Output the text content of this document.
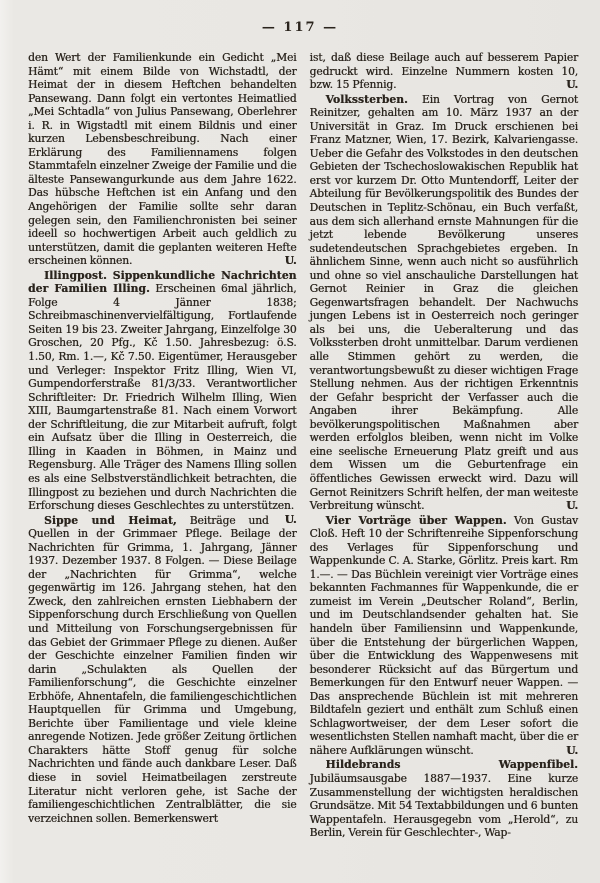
— 117 —

den Wert der Familienkunde ein Gedicht „Mei Hämt“ mit einem Bilde von Wichstadtl, der Heimat der in diesem Heftchen behandelten Pansewang. Dann folgt ein vertontes Heimatlied „Mei Schtadla“ von Julius Pansewang, Oberlehrer i. R. in Wigstadtl mit einem Bildnis und einer kurzen Lebensbeschreibung. Nach einer Erklärung des Familiennamens folgen Stammtafeln einzelner Zweige der Familie und die älteste Pansewangurkunde aus dem Jahre 1622. Das hübsche Heftchen ist ein Anfang und den Angehörigen der Familie sollte sehr daran gelegen sein, den Familienchronisten bei seiner ideell so hochwertigen Arbeit auch geldlich zu unterstützen, damit die geplanten weiteren Hefte erscheinen können.	U.

Illingpost. Sippenkundliche Nachrichten der Familien Illing. Erscheinen 6mal jährlich, Folge 4 Jänner 1838; Schreibmaschinenvervielfältigung, Fortlaufende Seiten 19 bis 23. Zweiter Jahrgang, Einzelfolge 30 Groschen, 20 Pfg., Kč 1.50. Jahresbezug: ö.S. 1.50, Rm. 1.—, Kč 7.50. Eigentümer, Herausgeber und Verleger: Inspektor Fritz Illing, Wien VI, Gumpendorferstraße 81/3/33. Verantwortlicher Schriftleiter: Dr. Friedrich Wilhelm Illing, Wien XIII, Baumgartenstraße 81. Nach einem Vorwort der Schriftleitung, die zur Mitarbeit aufruft, folgt ein Aufsatz über die Illing in Oesterreich, die Illing in Kaaden in Böhmen, in Mainz und Regensburg. Alle Träger des Namens Illing sollen es als eine Selbstverständlichkeit betrachten, die Illingpost zu beziehen und durch Nachrichten die Erforschung dieses Geschlechtes zu unterstützen.
U.

Sippe und Heimat, Beiträge und Quellen in der Grimmaer Pflege. Beilage der Nachrichten für Grimma, 1. Jahrgang, Jänner 1937. Dezember 1937. 8 Folgen. — Diese Beilage der „Nachrichten für Grimma“, welche gegenwärtig im 126. Jahrgang stehen, hat den Zweck, den zahlreichen ernsten Liebhabern der Sippenforschung durch Erschließung von Quellen und Mitteilung von Forschungsergebnissen für das Gebiet der Grimmaer Pflege zu dienen. Außer der Geschichte einzelner Familien finden wir darin „Schulakten als Quellen der Familienforschung“, die Geschichte einzelner Erbhöfe, Ahnentafeln, die familiengeschichtlichen Hauptquellen für Grimma und Umgebung, Berichte über Familientage und viele kleine anregende Notizen. Jede größer Zeitung örtlichen Charakters hätte Stoff genug für solche Nachrichten und fände auch dankbare Leser. Daß diese in soviel Heimatbeilagen zerstreute Literatur nicht verloren gehe, ist Sache der familiengeschichtlichen Zentralblätter, die sie verzeichnen sollen. Bemerkenswert

ist, daß diese Beilage auch auf besserem Papier gedruckt wird. Einzelne Nummern kosten 10, bzw. 15 Pfennig.	U.

Volkssterben. Ein Vortrag von Gernot Reinitzer, gehalten am 10. März 1937 an der Universität in Graz. Im Druck erschienen bei Franz Matzner, Wien, 17. Bezirk, Kalvariengasse. Ueber die Gefahr des Volkstodes in den deutschen Gebieten der Tschechoslowakischen Republik hat erst vor kurzem Dr. Otto Muntendorff, Leiter der Abteilung für Bevölkerungspolitik des Bundes der Deutschen in Teplitz-Schönau, ein Buch verfaßt, aus dem sich allerhand ernste Mahnungen für die jetzt lebende Bevölkerung unseres sudetendeutschen Sprachgebietes ergeben. In ähnlichem Sinne, wenn auch nicht so ausführlich und ohne so viel anschauliche Darstellungen hat Gernot Reinier in Graz die gleichen Gegenwartsfragen behandelt. Der Nachwuchs jungen Lebens ist in Oesterreich noch geringer als bei uns, die Ueberalterung und das Volkssterben droht unmittelbar. Darum verdienen alle Stimmen gehört zu werden, die verantwortungsbewußt zu dieser wichtigen Frage Stellung nehmen. Aus der richtigen Erkenntnis der Gefahr bespricht der Verfasser auch die Angaben ihrer Bekämpfung. Alle bevölkerungspolitischen Maßnahmen aber werden erfolglos bleiben, wenn nicht im Volke eine seelische Erneuerung Platz greift und aus dem Wissen um die Geburtenfrage ein öffentliches Gewissen erweckt wird. Dazu will Gernot Reinitzers Schrift helfen, der man weiteste Verbreitung wünscht.	U.

Vier Vorträge über Wappen. Von Gustav Cloß. Heft 10 der Schriftenreihe Sippenforschung des Verlages für Sippenforschung und Wappenkunde C. A. Starke, Görlitz. Preis kart. Rm 1.—. — Das Büchlein vereinigt vier Vorträge eines bekannten Fachmannes für Wappenkunde, die er zumeist im Verein „Deutscher Roland“, Berlin, und im Deutschlandsender gehalten hat. Sie handeln über Familiensinn und Wappenkunde, über die Entstehung der bürgerlichen Wappen, über die Entwicklung des Wappenwesens mit besonderer Rücksicht auf das Bürgertum und Bemerkungen für den Entwurf neuer Wappen. — Das ansprechende Büchlein ist mit mehreren Bildtafeln geziert und enthält zum Schluß einen Schlagwortweiser, der dem Leser sofort die wesentlichsten Stellen namhaft macht, über die er nähere Aufklärungen wünscht.	U.

Hildebrands Wappenfibel. Jubiläumsausgabe 1887—1937. Eine kurze Zusammenstellung der wichtigsten heraldischen Grundsätze. Mit 54 Textabbildungen und 6 bunten Wappentafeln. Herausgegebn vom „Herold“, zu Berlin, Verein für Geschlechter-, Wap-
